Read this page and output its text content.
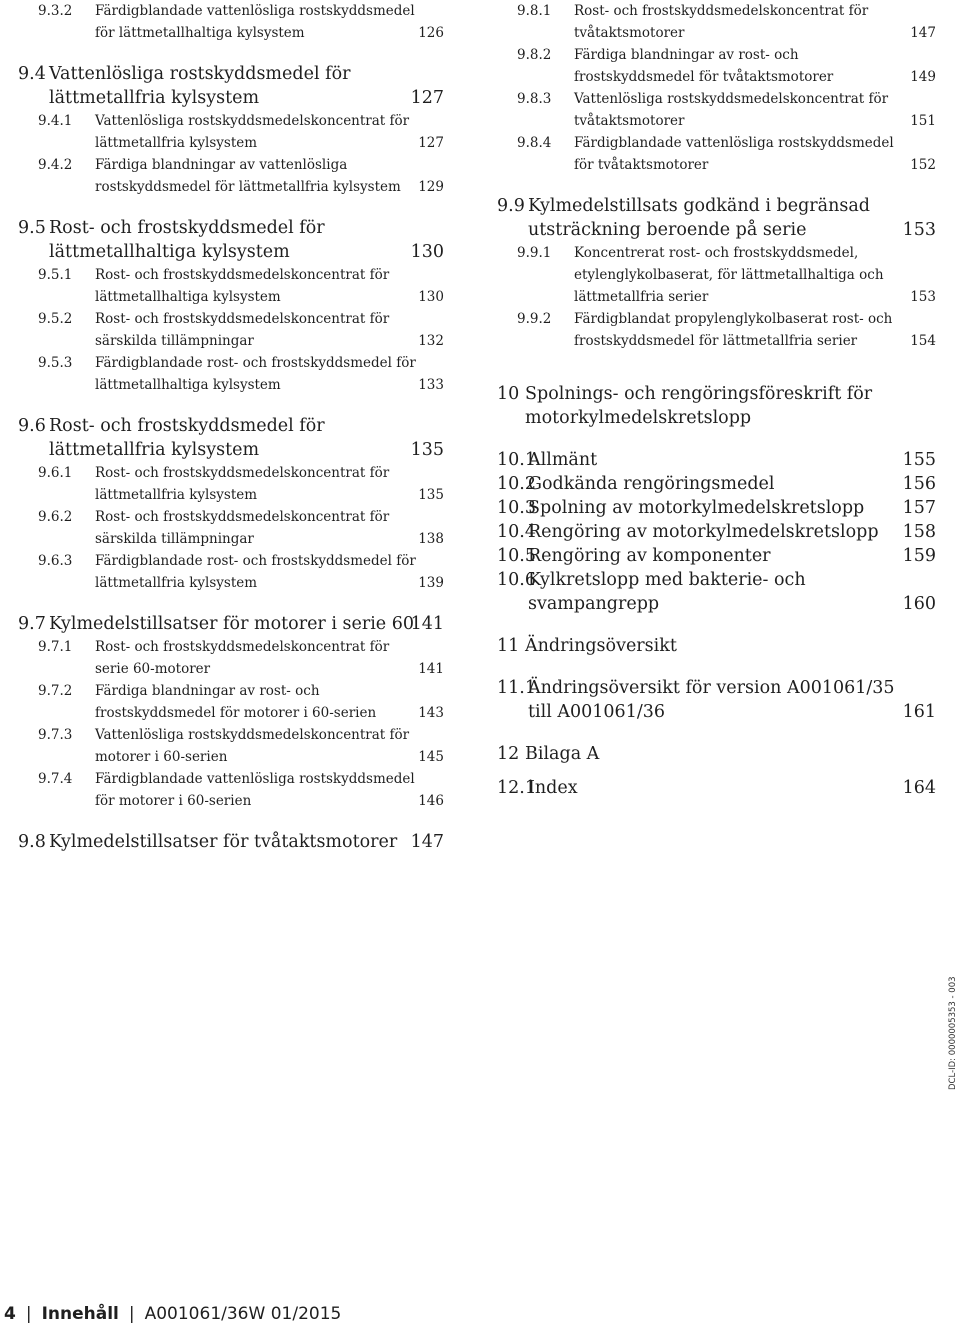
9.3.2 Färdigblandade vattenlösliga rostskyddsmedel
för lättmetallhaltiga kylsystem	126
9.4 Vattenlösliga rostskyddsmedel för
lättmetallfria kylsystem	127
9.4.1 Vattenlösliga rostskyddsmedelskoncentrat för
lättmetallfria kylsystem	127
9.4.2 Färdiga blandningar av vattenlösliga
rostskyddsmedel för lättmetallfria kylsystem 129
9.5 Rost- och frostskyddsmedel för
lättmetallhaltiga kylsystem	130
9.5.1 Rost- och frostskyddsmedelskoncentrat för
lättmetallhaltiga kylsystem	130
9.5.2 Rost- och frostskyddsmedelskoncentrat för
särskilda tillämpningar	132
9.5.3 Färdigblandade rost- och frostskyddsmedel för
lättmetallhaltiga kylsystem	133
9.6 Rost- och frostskyddsmedel för
lättmetallfria kylsystem	135
9.6.1 Rost- och frostskyddsmedelskoncentrat för
lättmetallfria kylsystem	135
9.6.2 Rost- och frostskyddsmedelskoncentrat för
särskilda tillämpningar	138
9.6.3 Färdigblandade rost- och frostskyddsmedel för
lättmetallfria kylsystem	139
9.7 Kylmedelstillsatser för motorer i serie 60
141
9.7.1 Rost- och frostskyddsmedelskoncentrat för
serie 60-motorer	141
9.7.2 Färdiga blandningar av rost- och
frostskyddsmedel för motorer i 60-serien	143
9.7.3 Vattenlösliga rostskyddsmedelskoncentrat för
motorer i 60-serien	145
9.7.4 Färdigblandade vattenlösliga rostskyddsmedel
för motorer i 60-serien	146
9.8 Kylmedelstillsatser för tvåtaktsmotorer 147
9.8.1 Rost- och frostskyddsmedelskoncentrat för
tvåtaktsmotorer	147
9.8.2 Färdiga blandningar av rost- och
frostskyddsmedel för tvåtaktsmotorer	149
9.8.3 Vattenlösliga rostskyddsmedelskoncentrat för
tvåtaktsmotorer	151
9.8.4 Färdigblandade vattenlösliga rostskyddsmedel
för tvåtaktsmotorer	152
9.9 Kylmedelstillsats godkänd i begränsad
utsträckning beroende på serie	153
9.9.1 Koncentrerat rost- och frostskyddsmedel,
etylenglykolbaserat, för lättmetallhaltiga och
lättmetallfria serier	153
9.9.2 Färdigblandat propylenglykolbaserat rost- och
frostskyddsmedel för lättmetallfria serier	154
10 Spolnings- och rengöringsföreskrift för
motorkylmedelskretslopp
10.1
Allmänt	155
10.2
Godkända rengöringsmedel	156
10.3
Spolning av motorkylmedelskretslopp	157
10.4
Rengöring av motorkylmedelskretslopp	158
10.5
Rengöring av komponenter	159
10.6
Kylkretslopp med bakterie- och
svampangrepp	160
11 Ändringsöversikt
11.1
Ändringsöversikt för version A001061/35
till A001061/36	161
12 Bilaga A
12.1
Index	164
4 | Innehåll | A001061/36W 01/2015
DCL-ID: 0000005353 - 003
